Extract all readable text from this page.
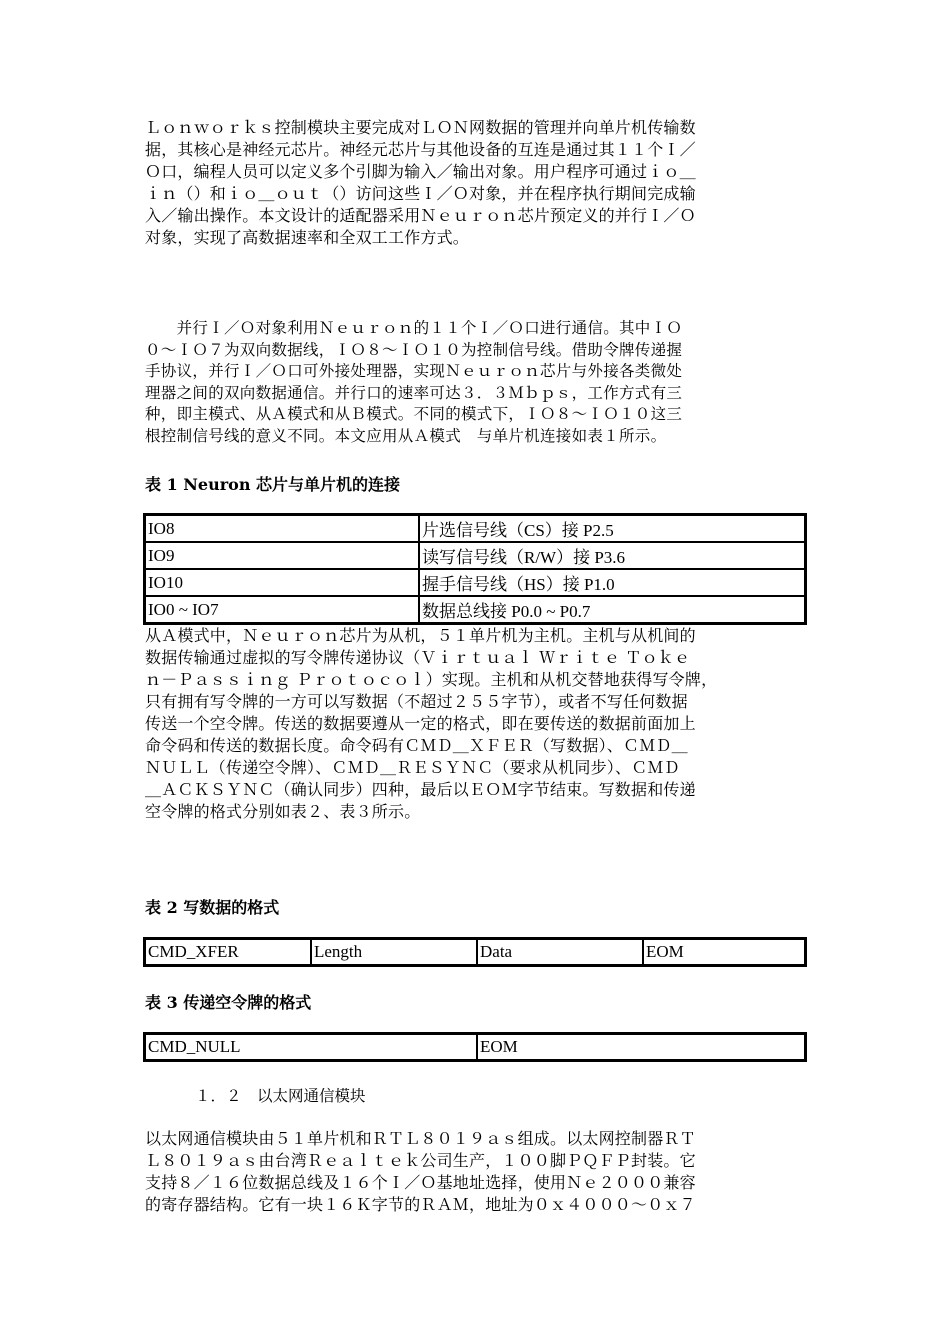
Ｌｏｎｗｏｒｋｓ控制模块主要完成对ＬＯＮ网数据的管理并向单片机传输数
据，其核心是神经元芯片。神经元芯片与其他设备的互连是通过其１１个Ｉ／
Ｏ口，编程人员可以定义多个引脚为输入／输出对象。用户程序可通过ｉｏ＿
ｉｎ（）和ｉｏ＿ｏｕｔ（）访问这些Ｉ／Ｏ对象，并在程序执行期间完成输
入／输出操作。本文设计的适配器采用Ｎｅｕｒｏｎ芯片预定义的并行Ｉ／Ｏ
对象，实现了高数据速率和全双工工作方式。
　　并行Ｉ／Ｏ对象利用Ｎｅｕｒｏｎ的１１个Ｉ／Ｏ口进行通信。其中ＩＯ
０～ＩＯ７为双向数据线，ＩＯ８～ＩＯ１０为控制信号线。借助令牌传递握
手协议，并行Ｉ／Ｏ口可外接处理器，实现Ｎｅｕｒｏｎ芯片与外接各类微处
理器之间的双向数据通信。并行口的速率可达３．３Ｍｂｐｓ，工作方式有三
种，即主模式、从Ａ模式和从Ｂ模式。不同的模式下，ＩＯ８～ＩＯ１０这三
根控制信号线的意义不同。本文应用从Ａ模式　与单片机连接如表１所示。
表 1 Neuron 芯片与单片机的连接
IO8	片选信号线（CS）接 P2.5
IO9	读写信号线（R/W）接 P3.6
IO10	握手信号线（HS）接 P1.0
IO0 ~ IO7	数据总线接 P0.0 ~ P0.7
从Ａ模式中，Ｎｅｕｒｏｎ芯片为从机，５１单片机为主机。主机与从机间的
数据传输通过虚拟的写令牌传递协议（Ｖｉｒｔｕａｌ Ｗｒｉｔｅ Ｔｏｋｅ
ｎ－Ｐａｓｓｉｎｇ Ｐｒｏｔｏｃｏｌ）实现。主机和从机交替地获得写令牌，
只有拥有写令牌的一方可以写数据（不超过２５５字节），或者不写任何数据
传送一个空令牌。传送的数据要遵从一定的格式，即在要传送的数据前面加上
命令码和传送的数据长度。命令码有ＣＭＤ＿ＸＦＥＲ（写数据）、ＣＭＤ＿
ＮＵＬＬ（传递空令牌）、ＣＭＤ＿ＲＥＳＹＮＣ（要求从机同步）、ＣＭＤ
＿ＡＣＫＳＹＮＣ（确认同步）四种，最后以ＥＯＭ字节结束。写数据和传递
空令牌的格式分别如表２、表３所示。
表 2 写数据的格式
CMD_XFER	Length	Data	EOM
表 3 传递空令牌的格式
CMD_NULL	EOM
１．２　以太网通信模块
以太网通信模块由５１单片机和ＲＴＬ８０１９ａｓ组成。以太网控制器ＲＴ
Ｌ８０１９ａｓ由台湾Ｒｅａｌｔｅｋ公司生产，１００脚ＰＱＦＰ封装。它
支持８／１６位数据总线及１６个Ｉ／Ｏ基地址选择，使用Ｎｅ２０００兼容
的寄存器结构。它有一块１６Ｋ字节的ＲＡＭ，地址为０ｘ４０００～０ｘ７
